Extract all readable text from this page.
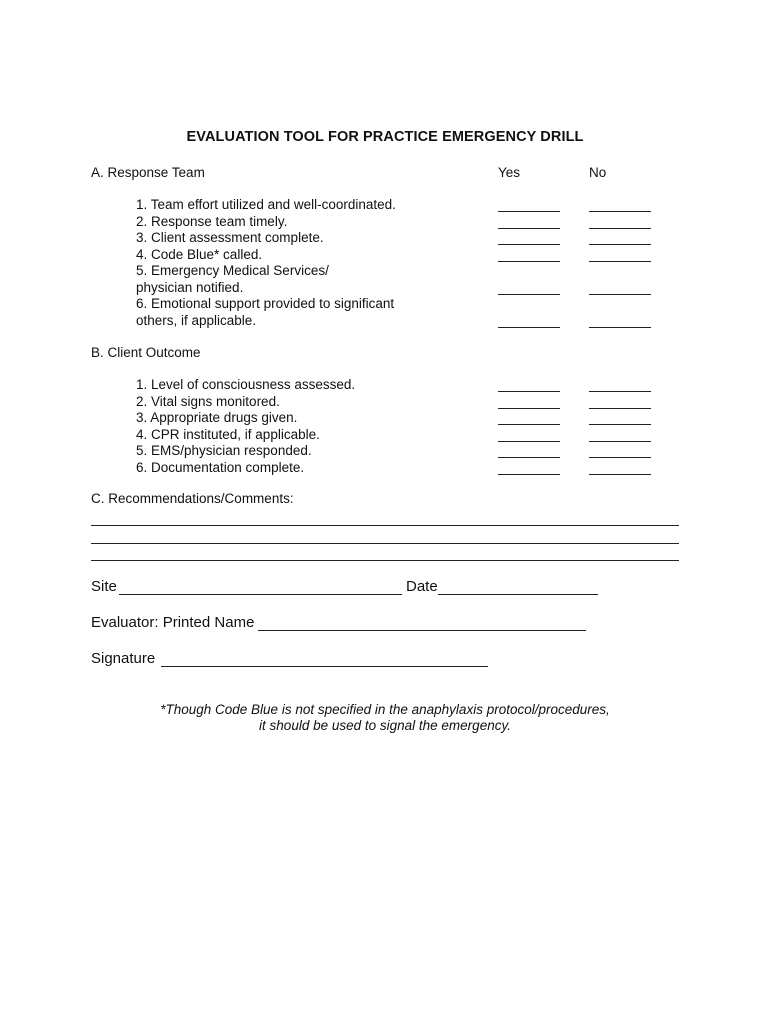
EVALUATION TOOL FOR PRACTICE EMERGENCY DRILL
A. Response Team	Yes	No
1. Team effort utilized and well-coordinated.
2. Response team timely.
3. Client assessment complete.
4. Code Blue* called.
5. Emergency Medical Services/
physician notified.
6. Emotional support provided to significant
others, if applicable.
B. Client Outcome
1. Level of consciousness assessed.
2. Vital signs monitored.
3. Appropriate drugs given.
4. CPR instituted, if applicable.
5. EMS/physician responded.
6. Documentation complete.
C. Recommendations/Comments:
Site	Date
Evaluator: Printed Name
Signature
*Though Code Blue is not specified in the anaphylaxis protocol/procedures,
it should be used to signal the emergency.
